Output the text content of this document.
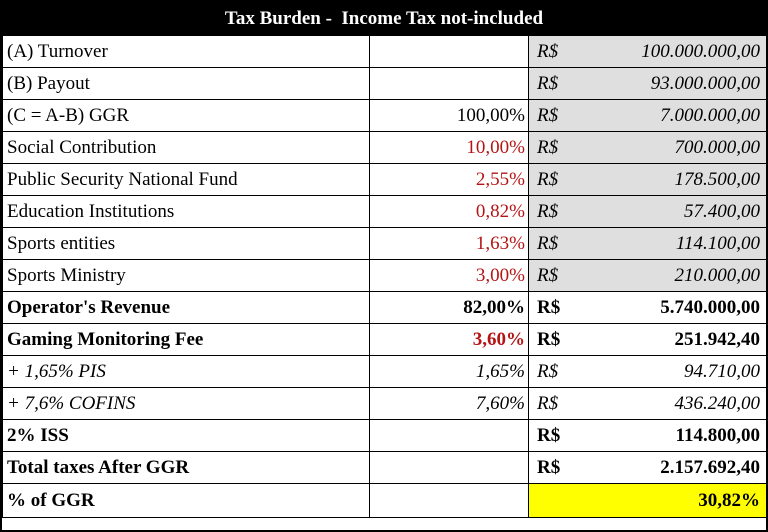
Tax Burden -  Income Tax not-included
(A) Turnover		R$	100.000.000,00
(B) Payout		R$	93.000.000,00
(C = A-B) GGR	100,00%	R$	7.000.000,00
Social Contribution	10,00%	R$	700.000,00
Public Security National Fund	2,55%	R$	178.500,00
Education Institutions	0,82%	R$	57.400,00
Sports entities	1,63%	R$	114.100,00
Sports Ministry	3,00%	R$	210.000,00
Operator's Revenue	82,00%	R$	5.740.000,00
Gaming Monitoring Fee	3,60%	R$	251.942,40
+ 1,65% PIS	1,65%	R$	94.710,00
+ 7,6% COFINS	7,60%	R$	436.240,00
2% ISS		R$	114.800,00
Total taxes After GGR		R$	2.157.692,40
% of GGR			30,82%
